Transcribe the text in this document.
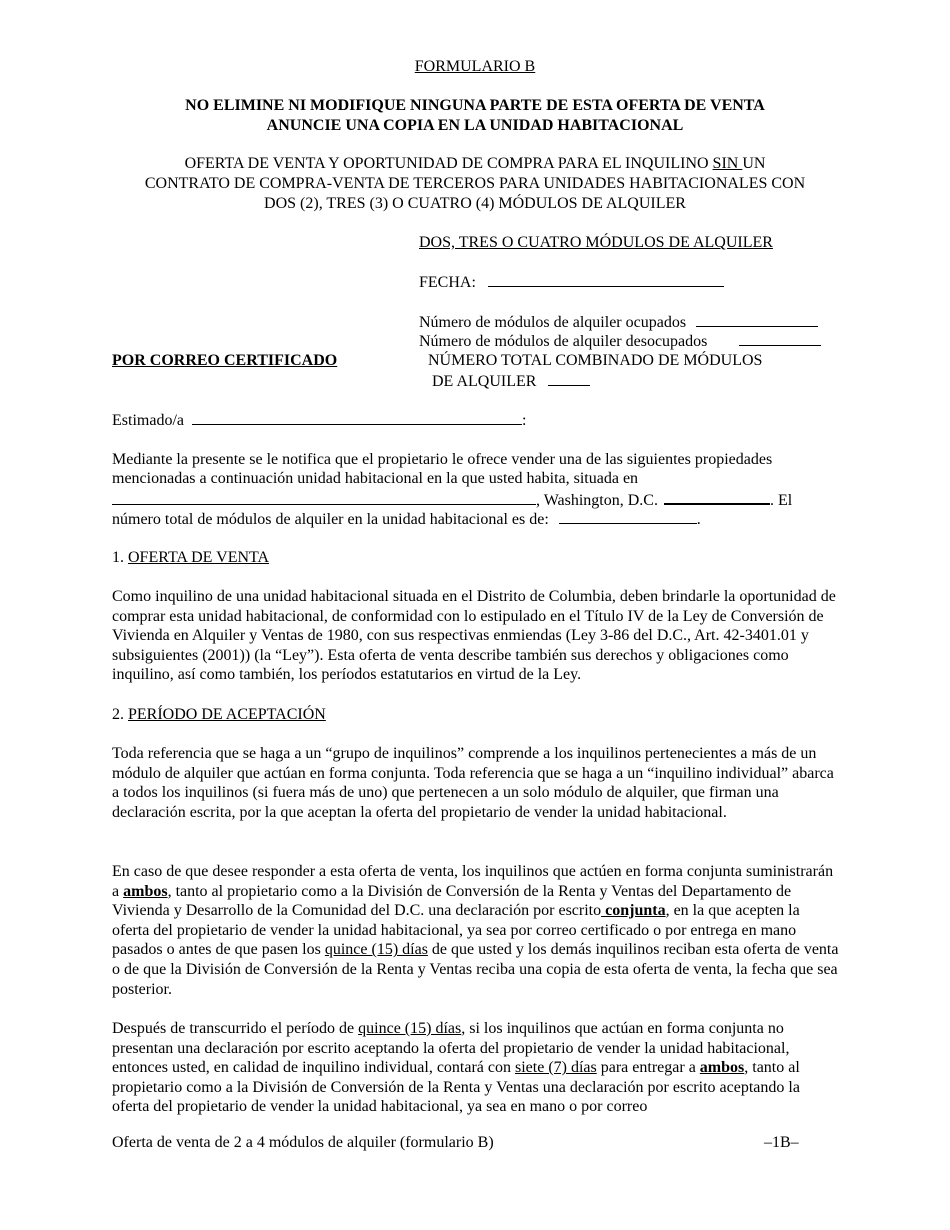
FORMULARIO B
NO ELIMINE NI MODIFIQUE NINGUNA PARTE DE ESTA OFERTA DE VENTA
ANUNCIE UNA COPIA EN LA UNIDAD HABITACIONAL
OFERTA DE VENTA Y OPORTUNIDAD DE COMPRA PARA EL INQUILINO SIN UN
CONTRATO DE COMPRA-VENTA DE TERCEROS PARA UNIDADES HABITACIONALES CON
DOS (2), TRES (3) O CUATRO (4) MÓDULOS DE ALQUILER
DOS, TRES O CUATRO MÓDULOS DE ALQUILER
FECHA:
Número de módulos de alquiler ocupados
Número de módulos de alquiler desocupados
POR CORREO CERTIFICADO	NÚMERO TOTAL COMBINADO DE MÓDULOS
DE ALQUILER
Estimado/a	:
Mediante la presente se le notifica que el propietario le ofrece vender una de las siguientes propiedades
mencionadas a continuación unidad habitacional en la que usted habita, situada en
, Washington, D.C.	. El
número total de módulos de alquiler en la unidad habitacional es de:	.
1. OFERTA DE VENTA

Como inquilino de una unidad habitacional situada en el Distrito de Columbia, deben brindarle la oportunidad de comprar esta unidad habitacional, de conformidad con lo estipulado en el Título IV de la Ley de Conversión de Vivienda en Alquiler y Ventas de 1980, con sus respectivas enmiendas (Ley 3-86 del D.C., Art. 42-3401.01 y subsiguientes (2001)) (la “Ley”). Esta oferta de venta describe también sus derechos y obligaciones como inquilino, así como también, los períodos estatutarios en virtud de la Ley.

2. PERÍODO DE ACEPTACIÓN

Toda referencia que se haga a un “grupo de inquilinos” comprende a los inquilinos pertenecientes a más de un módulo de alquiler que actúan en forma conjunta. Toda referencia que se haga a un “inquilino individual” abarca a todos los inquilinos (si fuera más de uno) que pertenecen a un solo módulo de alquiler, que firman una declaración escrita, por la que aceptan la oferta del propietario de vender la unidad habitacional.

En caso de que desee responder a esta oferta de venta, los inquilinos que actúen en forma conjunta suministrarán a ambos, tanto al propietario como a la División de Conversión de la Renta y Ventas del Departamento de Vivienda y Desarrollo de la Comunidad del D.C. una declaración por escrito conjunta, en la que acepten la oferta del propietario de vender la unidad habitacional, ya sea por correo certificado o por entrega en mano pasados o antes de que pasen los quince (15) días de que usted y los demás inquilinos reciban esta oferta de venta o de que la División de Conversión de la Renta y Ventas reciba una copia de esta oferta de venta, la fecha que sea posterior.

Después de transcurrido el período de quince (15) días, si los inquilinos que actúan en forma conjunta no presentan una declaración por escrito aceptando la oferta del propietario de vender la unidad habitacional, entonces usted, en calidad de inquilino individual, contará con siete (7) días para entregar a ambos, tanto al propietario como a la División de Conversión de la Renta y Ventas una declaración por escrito aceptando la oferta del propietario de vender la unidad habitacional, ya sea en mano o por correo

Oferta de venta de 2 a 4 módulos de alquiler (formulario B)	–1B–
